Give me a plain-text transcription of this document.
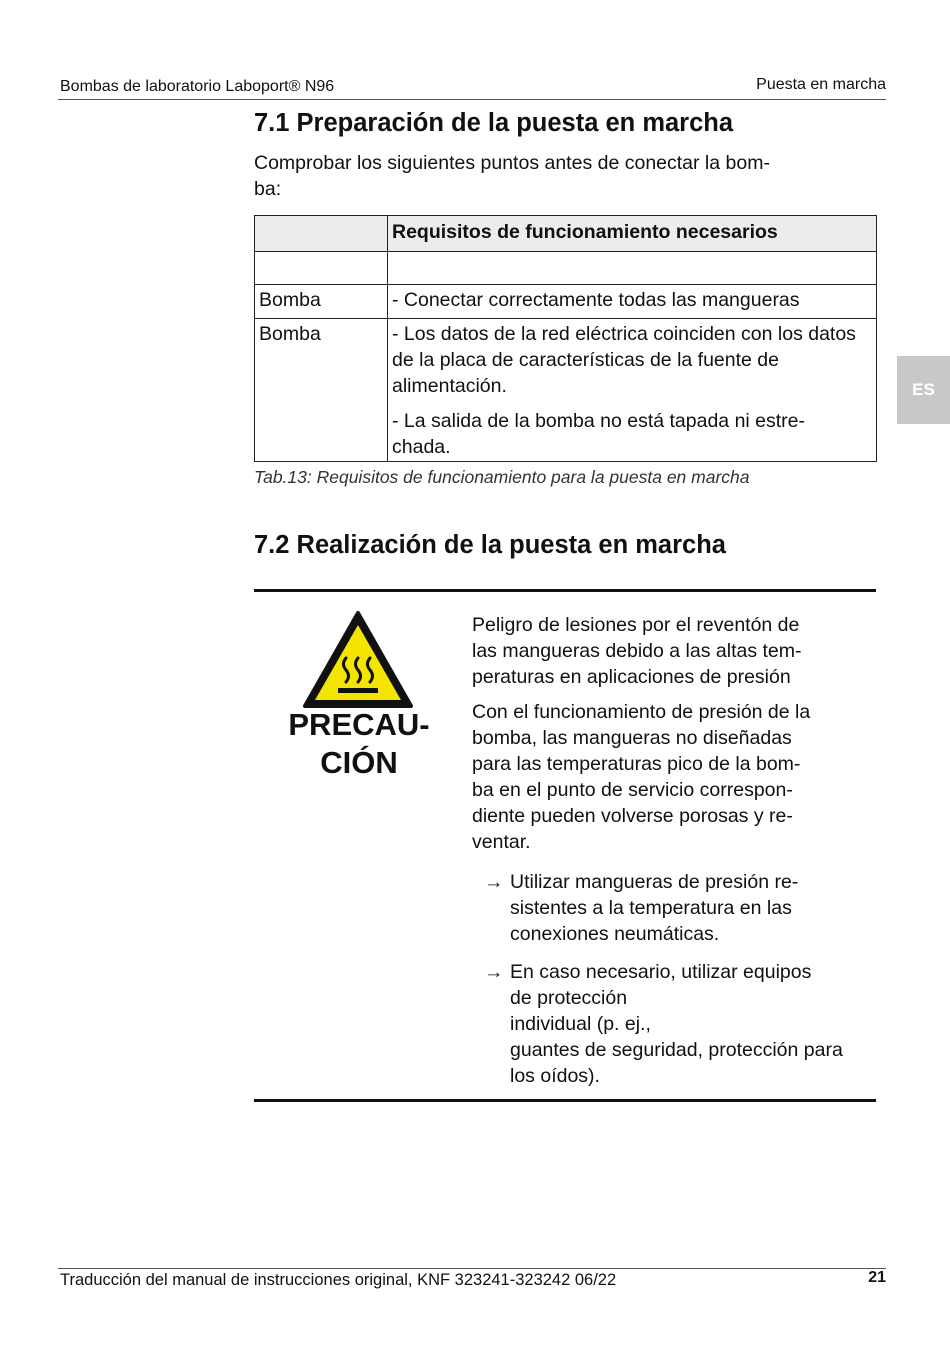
Bombas de laboratorio Laboport® N96	Puesta en marcha
ES
7.1 Preparación de la puesta en marcha
Comprobar los siguientes puntos antes de conectar la bom-
ba:
	Requisitos de funcionamiento necesarios

Bomba	- Conectar correctamente todas las mangueras
Bomba	- Los datos de la red eléctrica coinciden con los datos de la placa de características de la fuente de alimentación.

- La salida de la bomba no está tapada ni estre-
chada.

Tab.13: Requisitos de funcionamiento para la puesta en marcha
7.2 Realización de la puesta en marcha
PRECAU-
CIÓN
Peligro de lesiones por el reventón de
las mangueras debido a las altas tem-
peraturas en aplicaciones de presión
Con el funcionamiento de presión de la
bomba, las mangueras no diseñadas
para las temperaturas pico de la bom-
ba en el punto de servicio correspon-
diente pueden volverse porosas y re-
ventar.
→ Utilizar mangueras de presión re-
sistentes a la temperatura en las
conexiones neumáticas.
→ En caso necesario, utilizar equipos
de protección
individual (p. ej.,
guantes de seguridad, protección para los oídos).
Traducción del manual de instrucciones original, KNF 323241-323242 06/22	21
